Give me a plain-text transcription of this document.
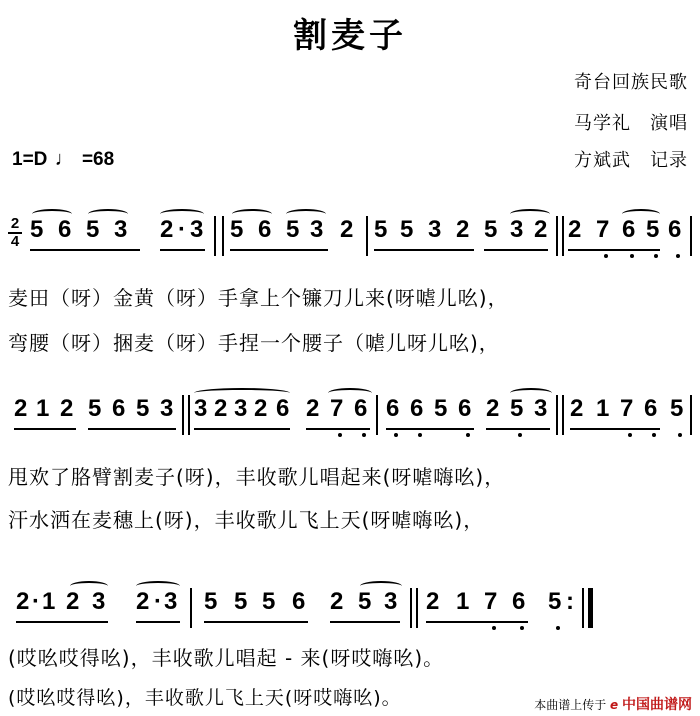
割麦子
奇台回族民歌
马学礼　演唱
方斌武　记录
1=D ♩ =68
2
4 5 6 5 3 2 · 3 5 6 5 3 2 5 5 3 2 5 3 2 2 7 6 5 6
麦田（呀）金黄（呀）手拿上个镰刀儿来(呀㖸儿吆)，
弯腰（呀）捆麦（呀）手捏一个腰子（㖸儿呀儿吆)，
2 1 2 5 6 5 3 3 2 3 2 6 2 7 6 6 6 5 6 2 5 3 2 1 7 6 5
甩欢了胳臂割麦子(呀)，丰收歌儿唱起来(呀㖸嗨吆)，
汗水洒在麦穗上(呀)，丰收歌儿飞上天(呀㖸嗨吆)，
2 · 1 2 3 2 · 3 5 5 5 6 2 5 3 2 1 7 6 5 :
(哎吆哎得吆)，丰收歌儿唱起 - 来(呀哎嗨吆)。
(哎吆哎得吆)，丰收歌儿飞上天(呀哎嗨吆)。	本曲谱上传于 e 中国曲谱网
